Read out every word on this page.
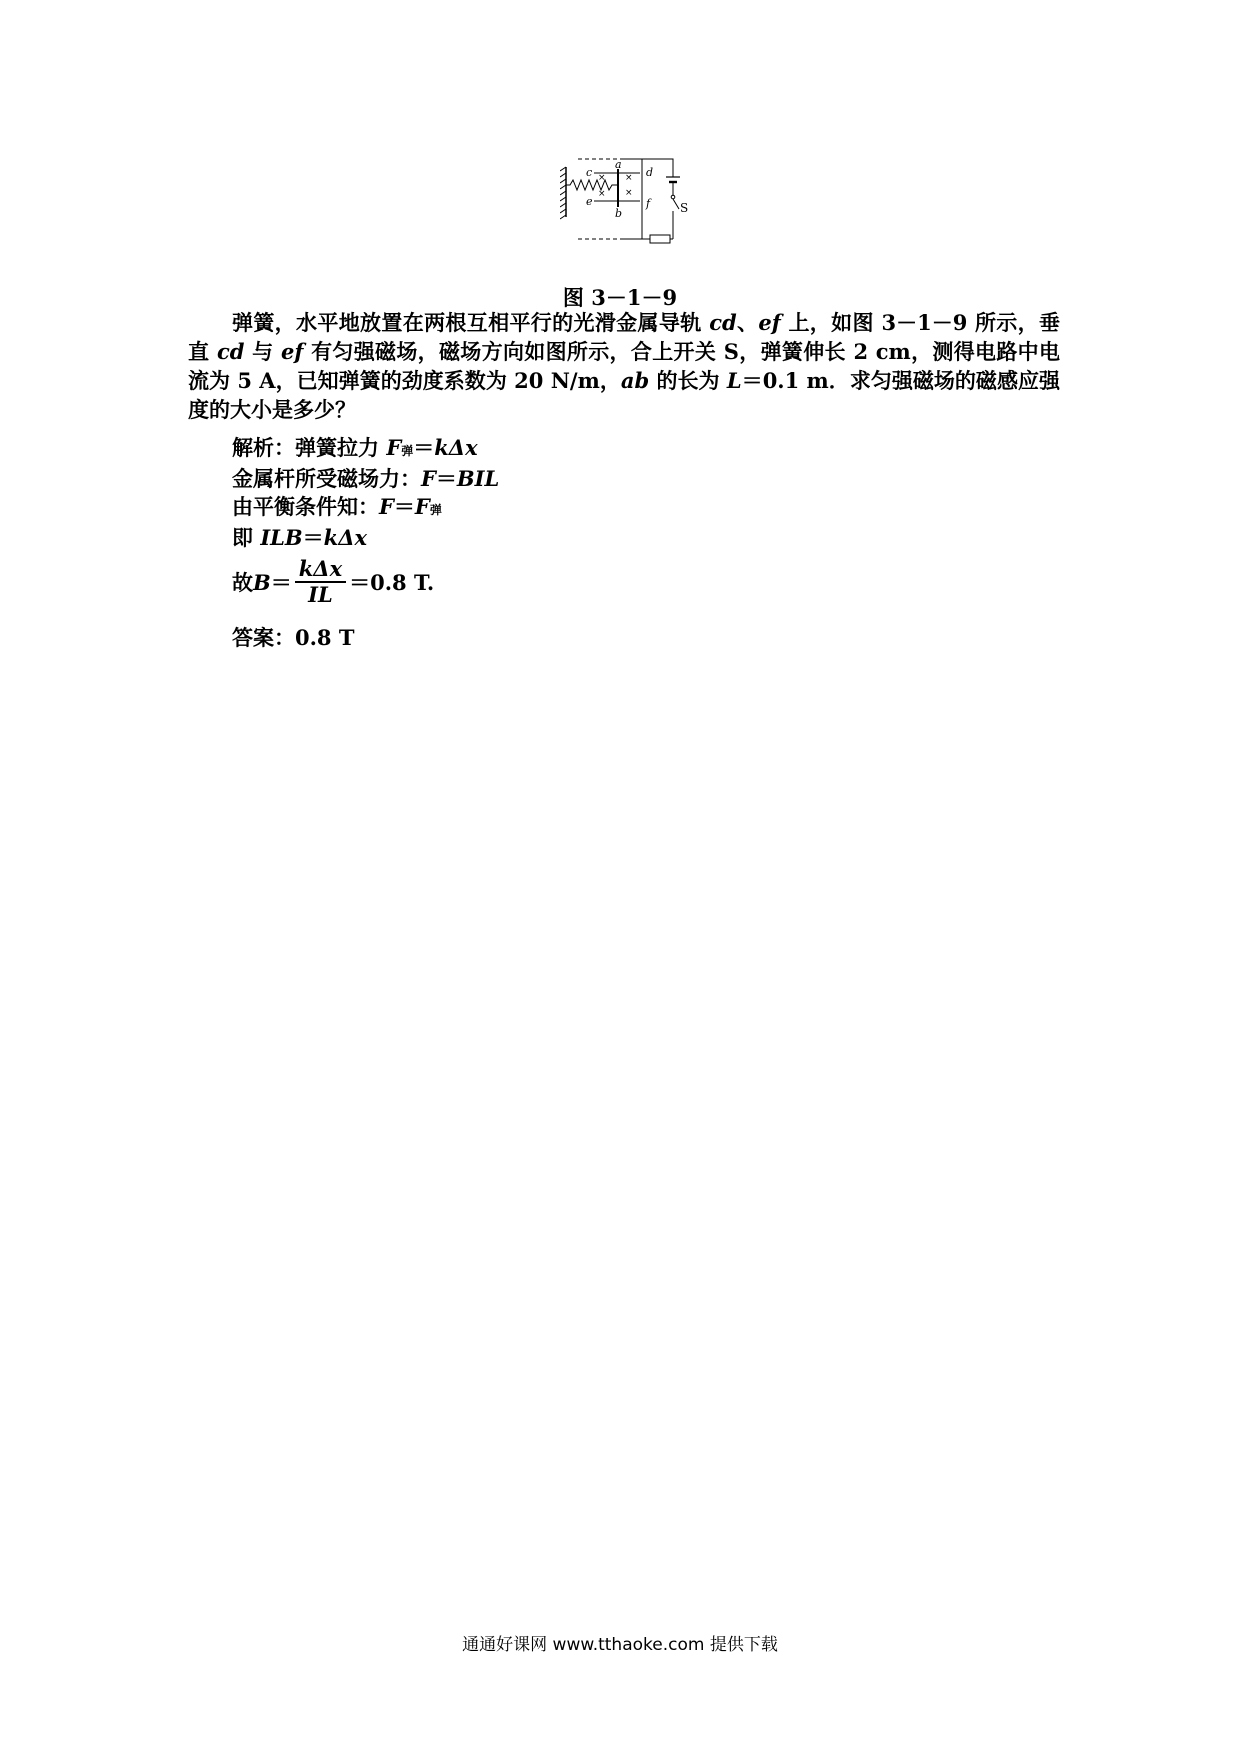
× ×
×
×
a
b
c	d
e	f S
图 3－1－9

弹簧，水平地放置在两根互相平行的光滑金属导轨 cd、ef 上，如图 3－1－9 所示，垂直 cd 与 ef 有匀强磁场，磁场方向如图所示，合上开关 S，弹簧伸长 2 cm，测得电路中电流为 5 A，已知弹簧的劲度系数为 20 N/m，ab 的长为 L＝0.1 m．求匀强磁场的磁感应强度的大小是多少？

解析：弹簧拉力 F弹＝kΔx
金属杆所受磁场力：F＝BIL
由平衡条件知：F＝F弹
即 ILB＝kΔx
故 $B = \frac{\text{kΔx}}{IL} =0.8$ T.
答案：0.8 T
通通好课网 www.tthaoke.com 提供下载
